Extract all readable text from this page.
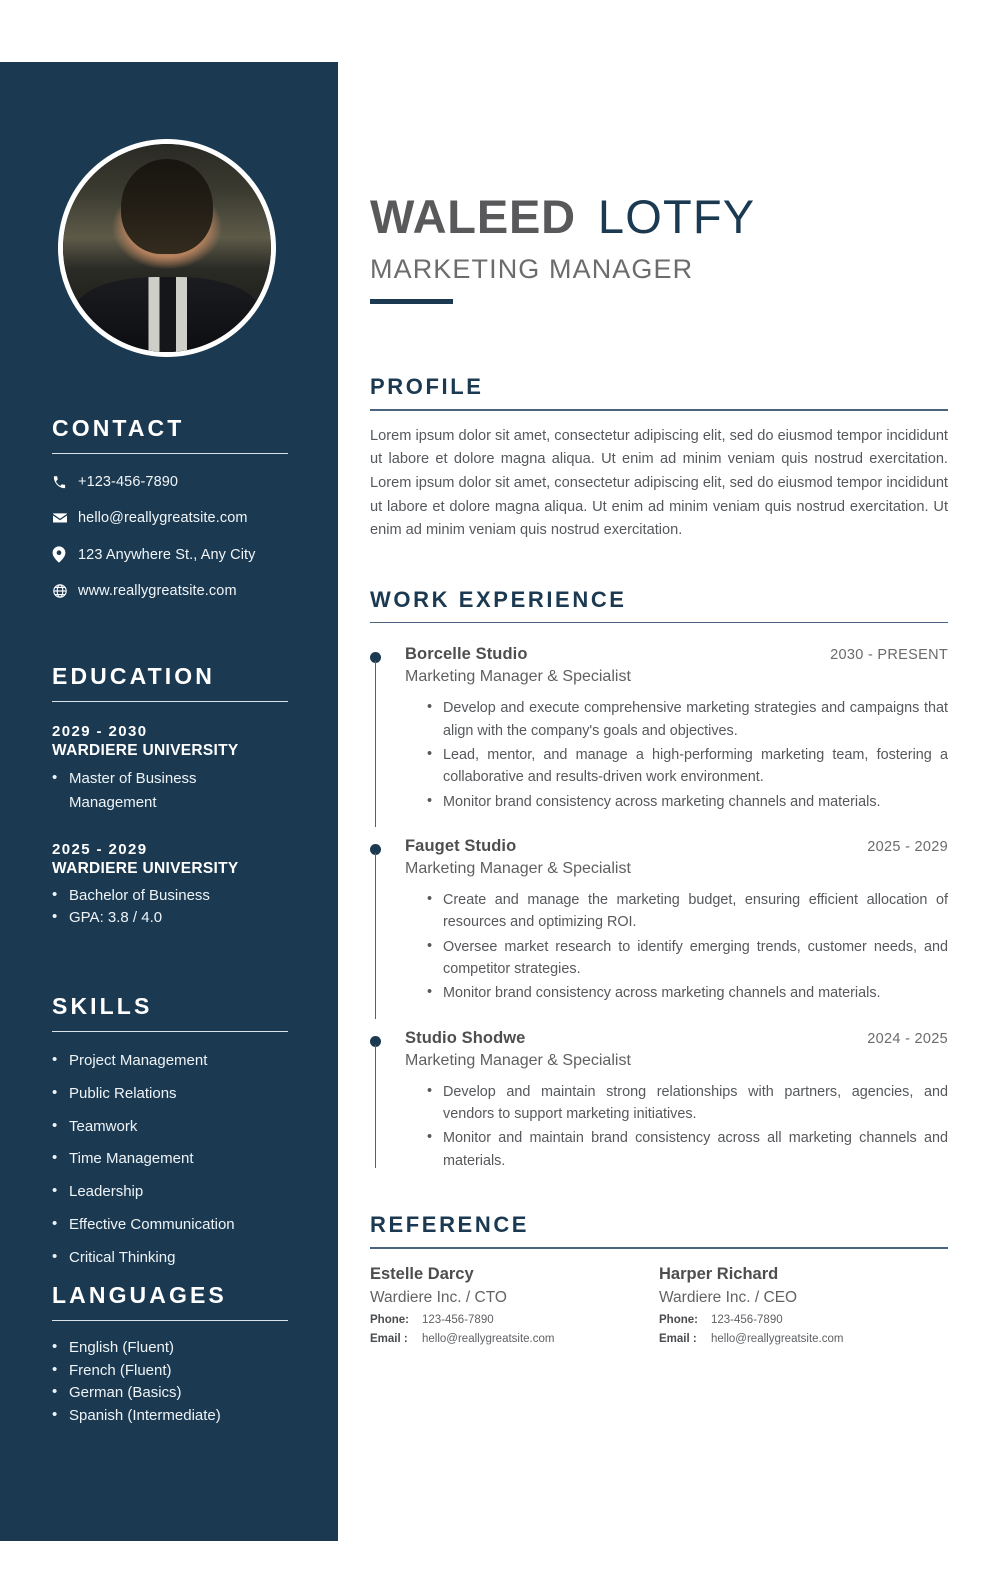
CONTACT
+123-456-7890
hello@reallygreatsite.com
123 Anywhere St., Any City
www.reallygreatsite.com
EDUCATION
2029 - 2030
WARDIERE UNIVERSITY
• Master of Business Management
2025 - 2029
WARDIERE UNIVERSITY
• Bachelor of Business
• GPA: 3.8 / 4.0
SKILLS
• Project Management
• Public Relations
• Teamwork
• Time Management
• Leadership
• Effective Communication
• Critical Thinking
LANGUAGES
• English (Fluent)
• French (Fluent)
• German (Basics)
• Spanish (Intermediate)
WALEED LOTFY
MARKETING MANAGER
PROFILE

Lorem ipsum dolor sit amet, consectetur adipiscing elit, sed do eiusmod tempor incididunt ut labore et dolore magna aliqua. Ut enim ad minim veniam quis nostrud exercitation. Lorem ipsum dolor sit amet, consectetur adipiscing elit, sed do eiusmod tempor incididunt ut labore et dolore magna aliqua. Ut enim ad minim veniam quis nostrud exercitation. Ut enim ad minim veniam quis nostrud exercitation.

WORK EXPERIENCE
Borcelle Studio	2030 - PRESENT
Marketing Manager & Specialist
• Develop and execute comprehensive marketing strategies and campaigns that align with the company's goals and objectives.
• Lead, mentor, and manage a high-performing marketing team, fostering a collaborative and results-driven work environment.
• Monitor brand consistency across marketing channels and materials.
Fauget Studio	2025 - 2029
Marketing Manager & Specialist
• Create and manage the marketing budget, ensuring efficient allocation of resources and optimizing ROI.
• Oversee market research to identify emerging trends, customer needs, and competitor strategies.
• Monitor brand consistency across marketing channels and materials.
Studio Shodwe	2024 - 2025
Marketing Manager & Specialist
• Develop and maintain strong relationships with partners, agencies, and vendors to support marketing initiatives.
• Monitor and maintain brand consistency across all marketing channels and materials.
REFERENCE
Estelle Darcy
Wardiere Inc. / CTO
Phone:	123-456-7890
Email :	hello@reallygreatsite.com
Harper Richard
Wardiere Inc. / CEO
Phone:	123-456-7890
Email :	hello@reallygreatsite.com
